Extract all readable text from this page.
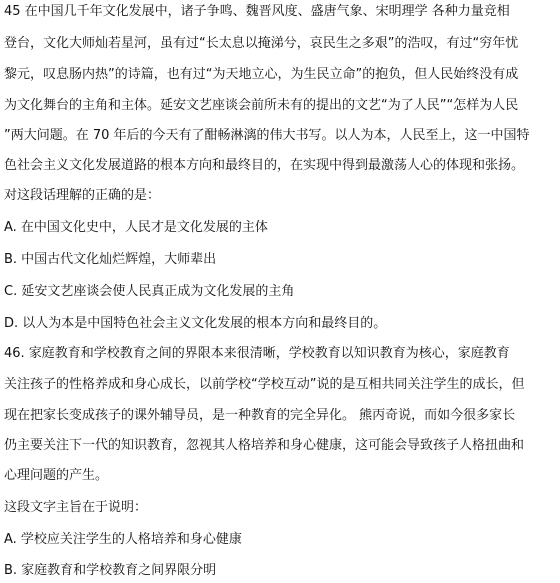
45 在中国几千年文化发展中，诸子争鸣、魏晋风度、盛唐气象、宋明理学 各种力量竞相
登台，文化大师灿若星河，虽有过“长太息以掩涕兮，哀民生之多艰”的浩叹，有过“穷年忧
黎元，叹息肠内热”的诗篇，也有过“为天地立心，为生民立命”的抱负，但人民始终没有成
为文化舞台的主角和主体。延安文艺座谈会前所未有的提出的文艺“为了人民”“怎样为人民
”两大问题。在 70 年后的今天有了酣畅淋漓的伟大书写。以人为本，人民至上，这一中国特
色社会主义文化发展道路的根本方向和最终目的，在实现中得到最激荡人心的体现和张扬。
对这段话理解的正确的是：
A. 在中国文化史中，人民才是文化发展的主体
B. 中国古代文化灿烂辉煌，大师辈出
C. 延安文艺座谈会使人民真正成为文化发展的主角
D. 以人为本是中国特色社会主义文化发展的根本方向和最终目的。
46. 家庭教育和学校教育之间的界限本来很清晰，学校教育以知识教育为核心，家庭教育
关注孩子的性格养成和身心成长，以前学校“学校互动”说的是互相共同关注学生的成长，但
现在把家长变成孩子的课外辅导员，是一种教育的完全异化。 熊丙奇说，而如今很多家长
仍主要关注下一代的知识教育，忽视其人格培养和身心健康，这可能会导致孩子人格扭曲和
心理问题的产生。
这段文字主旨在于说明：
A. 学校应关注学生的人格培养和身心健康
B. 家庭教育和学校教育之间界限分明
